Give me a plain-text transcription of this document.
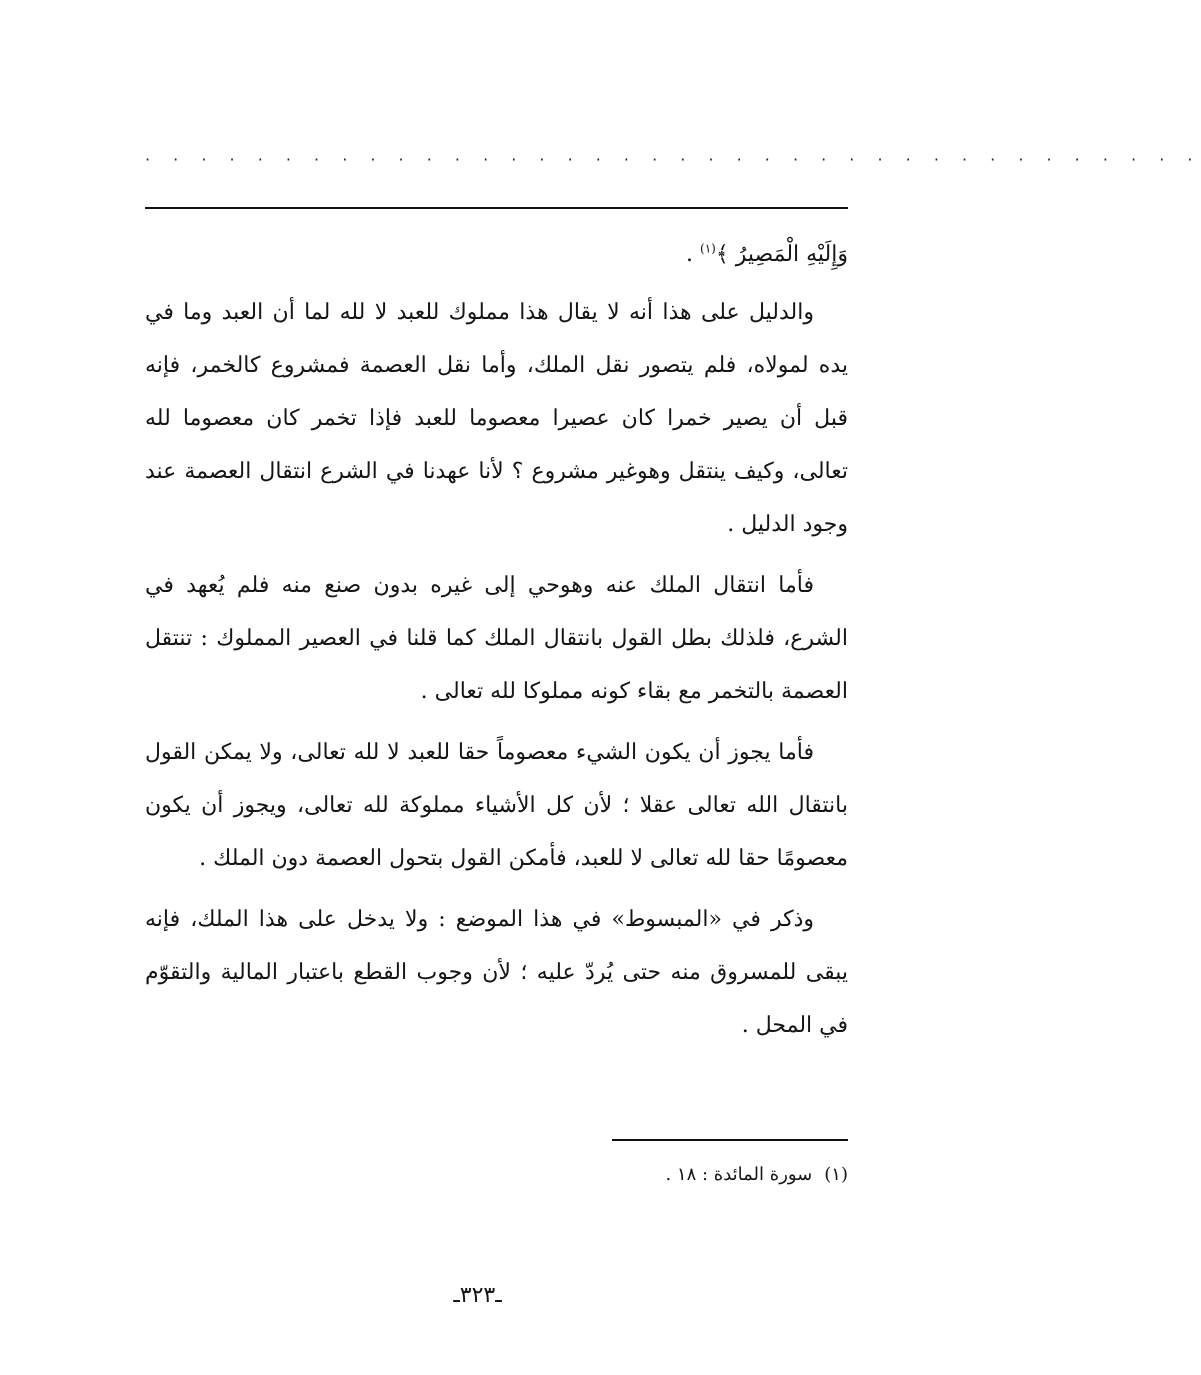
· · · · · · · · · · · · · · · · · · · · · · · · · · · · · · · · · · · · · ·

وَإِلَيْهِ الْمَصِيرُ ﴾$^{(١)}$ .

والدليل على هذا أنه لا يقال هذا مملوك للعبد لا لله لما أن العبد وما في يده لمولاه، فلم يتصور نقل الملك، وأما نقل العصمة فمشروع كالخمر، فإنه قبل أن يصير خمرا كان عصيرا معصوما للعبد فإذا تخمر كان معصوما لله تعالى، وكيف ينتقل وهوغير مشروع ؟ لأنا عهدنا في الشرع انتقال العصمة عند وجود الدليل .

فأما انتقال الملك عنه وهوحي إلى غيره بدون صنع منه فلم يُعهد في الشرع، فلذلك بطل القول بانتقال الملك كما قلنا في العصير المملوك : تنتقل العصمة بالتخمر مع بقاء كونه مملوكا لله تعالى .

فأما يجوز أن يكون الشيء معصوماً حقا للعبد لا لله تعالى، ولا يمكن القول بانتقال الله تعالى عقلا ؛ لأن كل الأشياء مملوكة لله تعالى، ويجوز أن يكون معصومًا حقا لله تعالى لا للعبد، فأمكن القول بتحول العصمة دون الملك .

وذكر في «المبسوط» في هذا الموضع : ولا يدخل على هذا الملك، فإنه يبقى للمسروق منه حتى يُردّ عليه ؛ لأن وجوب القطع باعتبار المالية والتقوّم في المحل .

(١)سورة المائدة : ١٨ .
ـ٣٢٣ـ
